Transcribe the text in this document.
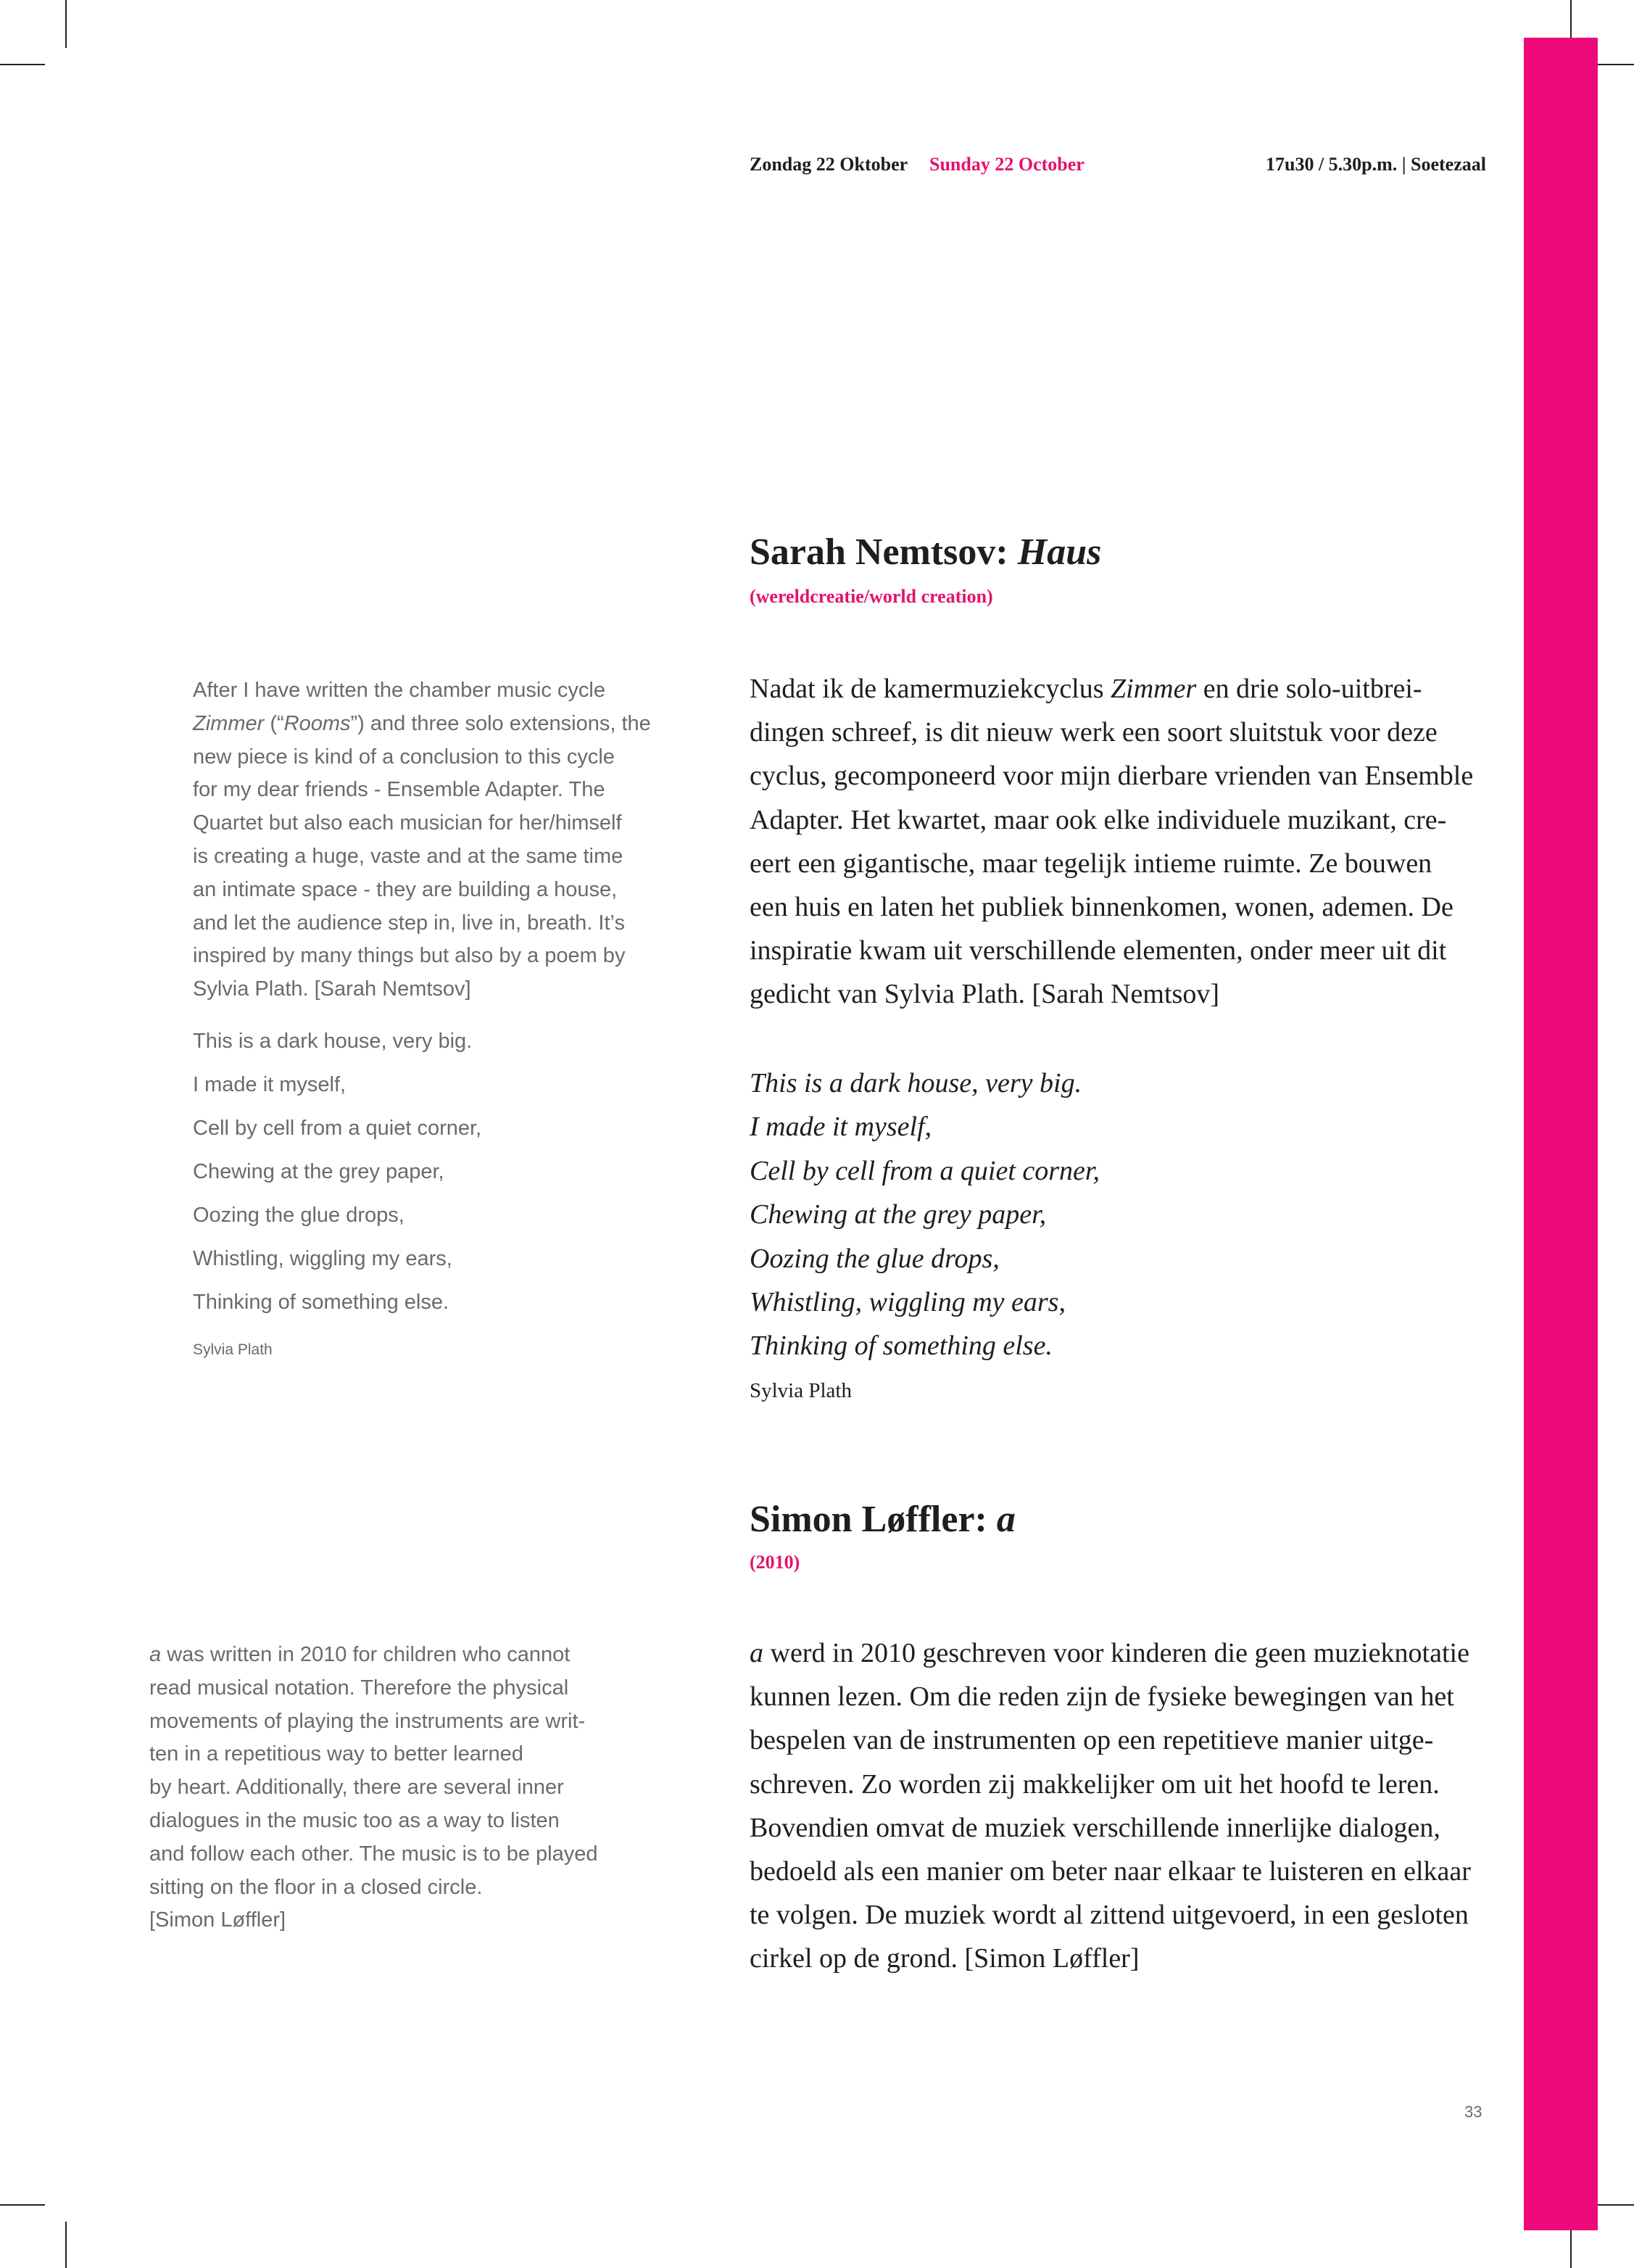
Zondag 22 Oktober Sunday 22 October	17u30 / 5.30p.m. | Soetezaal
Sarah Nemtsov: Haus
(wereldcreatie/world creation)
After I have written the chamber music cycle
Zimmer (“Rooms”) and three solo extensions, the
new piece is kind of a conclusion to this cycle
for my dear friends - Ensemble Adapter. The
Quartet but also each musician for her/himself
is creating a huge, vaste and at the same time
an intimate space - they are building a house,
and let the audience step in, live in, breath. It’s
inspired by many things but also by a poem by
Sylvia Plath. [Sarah Nemtsov]
This is a dark house, very big.
I made it myself,
Cell by cell from a quiet corner,
Chewing at the grey paper,
Oozing the glue drops,
Whistling, wiggling my ears,
Thinking of something else.
Sylvia Plath
Nadat ik de kamermuziekcyclus Zimmer en drie solo-uitbrei-
dingen schreef, is dit nieuw werk een soort sluitstuk voor deze
cyclus, gecomponeerd voor mijn dierbare vrienden van Ensemble
Adapter. Het kwartet, maar ook elke individuele muzikant, cre-
eert een gigantische, maar tegelijk intieme ruimte. Ze bouwen
een huis en laten het publiek binnenkomen, wonen, ademen. De
inspiratie kwam uit verschillende elementen, onder meer uit dit
gedicht van Sylvia Plath. [Sarah Nemtsov]
This is a dark house, very big.
I made it myself,
Cell by cell from a quiet corner,
Chewing at the grey paper,
Oozing the glue drops,
Whistling, wiggling my ears,
Thinking of something else.
Sylvia Plath
Simon Løffler: a
(2010)
a was written in 2010 for children who cannot
read musical notation. Therefore the physical
movements of playing the instruments are writ-
ten in a repetitious way to better learned
by heart. Additionally, there are several inner
dialogues in the music too as a way to listen
and follow each other. The music is to be played
sitting on the floor in a closed circle.
[Simon Løffler]
a werd in 2010 geschreven voor kinderen die geen muzieknotatie
kunnen lezen. Om die reden zijn de fysieke bewegingen van het
bespelen van de instrumenten op een repetitieve manier uitge-
schreven. Zo worden zij makkelijker om uit het hoofd te leren.
Bovendien omvat de muziek verschillende innerlijke dialogen,
bedoeld als een manier om beter naar elkaar te luisteren en elkaar
te volgen. De muziek wordt al zittend uitgevoerd, in een gesloten
cirkel op de grond. [Simon Løffler]
33
